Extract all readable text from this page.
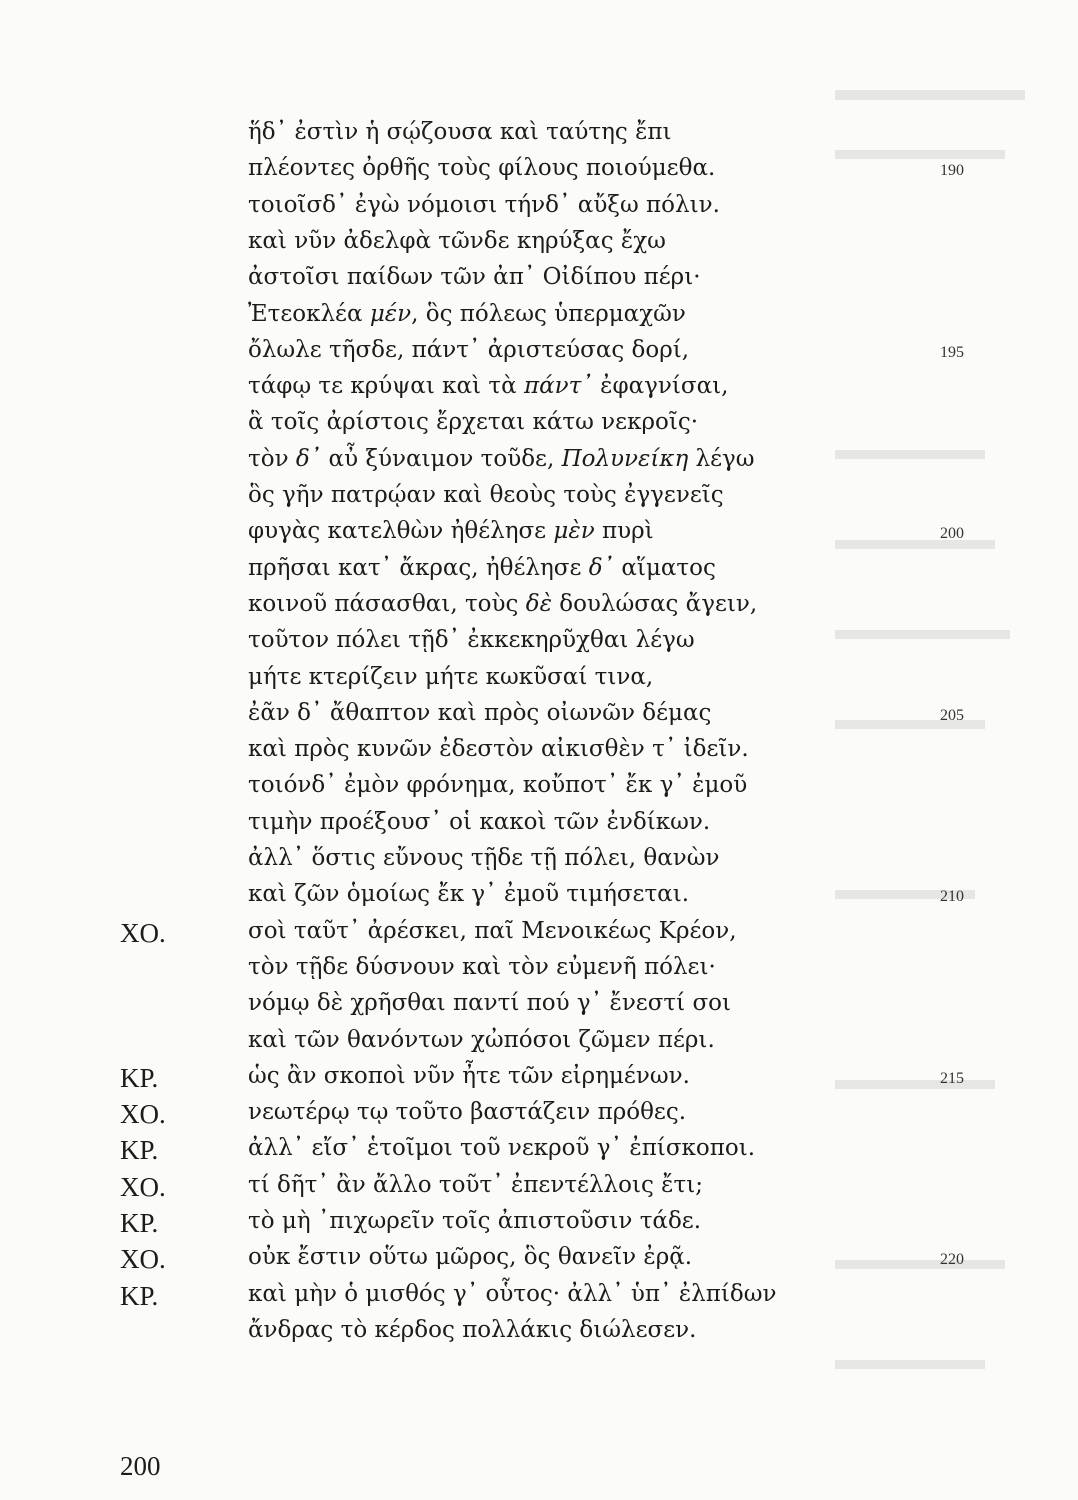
ἥδ᾽ ἐστὶν ἡ σῴζουσα καὶ ταύτης ἔπι
πλέοντες ὀρθῆς τοὺς φίλους ποιούμεθα.	190
τοιοῖσδ᾽ ἐγὼ νόμοισι τήνδ᾽ αὔξω πόλιν.
καὶ νῦν ἀδελφὰ τῶνδε κηρύξας ἔχω
ἀστοῖσι παίδων τῶν ἀπ᾽ Οἰδίπου πέρι·
Ἐτεοκλέα μέν, ὃς πόλεως ὑπερμαχῶν
ὄλωλε τῆσδε, πάντ᾽ ἀριστεύσας δορί,	195
τάφῳ τε κρύψαι καὶ τὰ πάντ᾽ ἐφαγνίσαι,
ἃ τοῖς ἀρίστοις ἔρχεται κάτω νεκροῖς·
τὸν δ᾽ αὖ ξύναιμον τοῦδε, Πολυνείκη λέγω
ὃς γῆν πατρῴαν καὶ θεοὺς τοὺς ἐγγενεῖς
φυγὰς κατελθὼν ἠθέλησε μὲν πυρὶ	200
πρῆσαι κατ᾽ ἄκρας, ἠθέλησε δ᾽ αἵματος
κοινοῦ πάσασθαι, τοὺς δὲ δουλώσας ἄγειν,
τοῦτον πόλει τῇδ᾽ ἐκκεκηρῦχθαι λέγω
μήτε κτερίζειν μήτε κωκῦσαί τινα,
ἐᾶν δ᾽ ἄθαπτον καὶ πρὸς οἰωνῶν δέμας	205
καὶ πρὸς κυνῶν ἐδεστὸν αἰκισθὲν τ᾽ ἰδεῖν.
τοιόνδ᾽ ἐμὸν φρόνημα, κοὔποτ᾽ ἔκ γ᾽ ἐμοῦ
τιμὴν προέξουσ᾽ οἱ κακοὶ τῶν ἐνδίκων.
ἀλλ᾽ ὅστις εὔνους τῇδε τῇ πόλει, θανὼν
καὶ ζῶν ὁμοίως ἔκ γ᾽ ἐμοῦ τιμήσεται.	210
ΧΟ.	σοὶ ταῦτ᾽ ἀρέσκει, παῖ Μενοικέως Κρέον,
τὸν τῇδε δύσνουν καὶ τὸν εὐμενῆ πόλει·
νόμῳ δὲ χρῆσθαι παντί πού γ᾽ ἔνεστί σοι
καὶ τῶν θανόντων χὠπόσοι ζῶμεν πέρι.
ΚΡ.	ὡς ἂν σκοποὶ νῦν ἦτε τῶν εἰρημένων.	215
ΧΟ.	νεωτέρῳ τῳ τοῦτο βαστάζειν πρόθες.
ΚΡ.	ἀλλ᾽ εἴσ᾽ ἑτοῖμοι τοῦ νεκροῦ γ᾽ ἐπίσκοποι.
ΧΟ.	τί δῆτ᾽ ἂν ἄλλο τοῦτ᾽ ἐπεντέλλοις ἔτι;
ΚΡ.	τὸ μὴ ᾽πιχωρεῖν τοῖς ἀπιστοῦσιν τάδε.
ΧΟ.	οὐκ ἔστιν οὕτω μῶρος, ὃς θανεῖν ἐρᾷ.	220
ΚΡ.	καὶ μὴν ὁ μισθός γ᾽ οὗτος· ἀλλ᾽ ὑπ᾽ ἐλπίδων
ἄνδρας τὸ κέρδος πολλάκις διώλεσεν.
200
